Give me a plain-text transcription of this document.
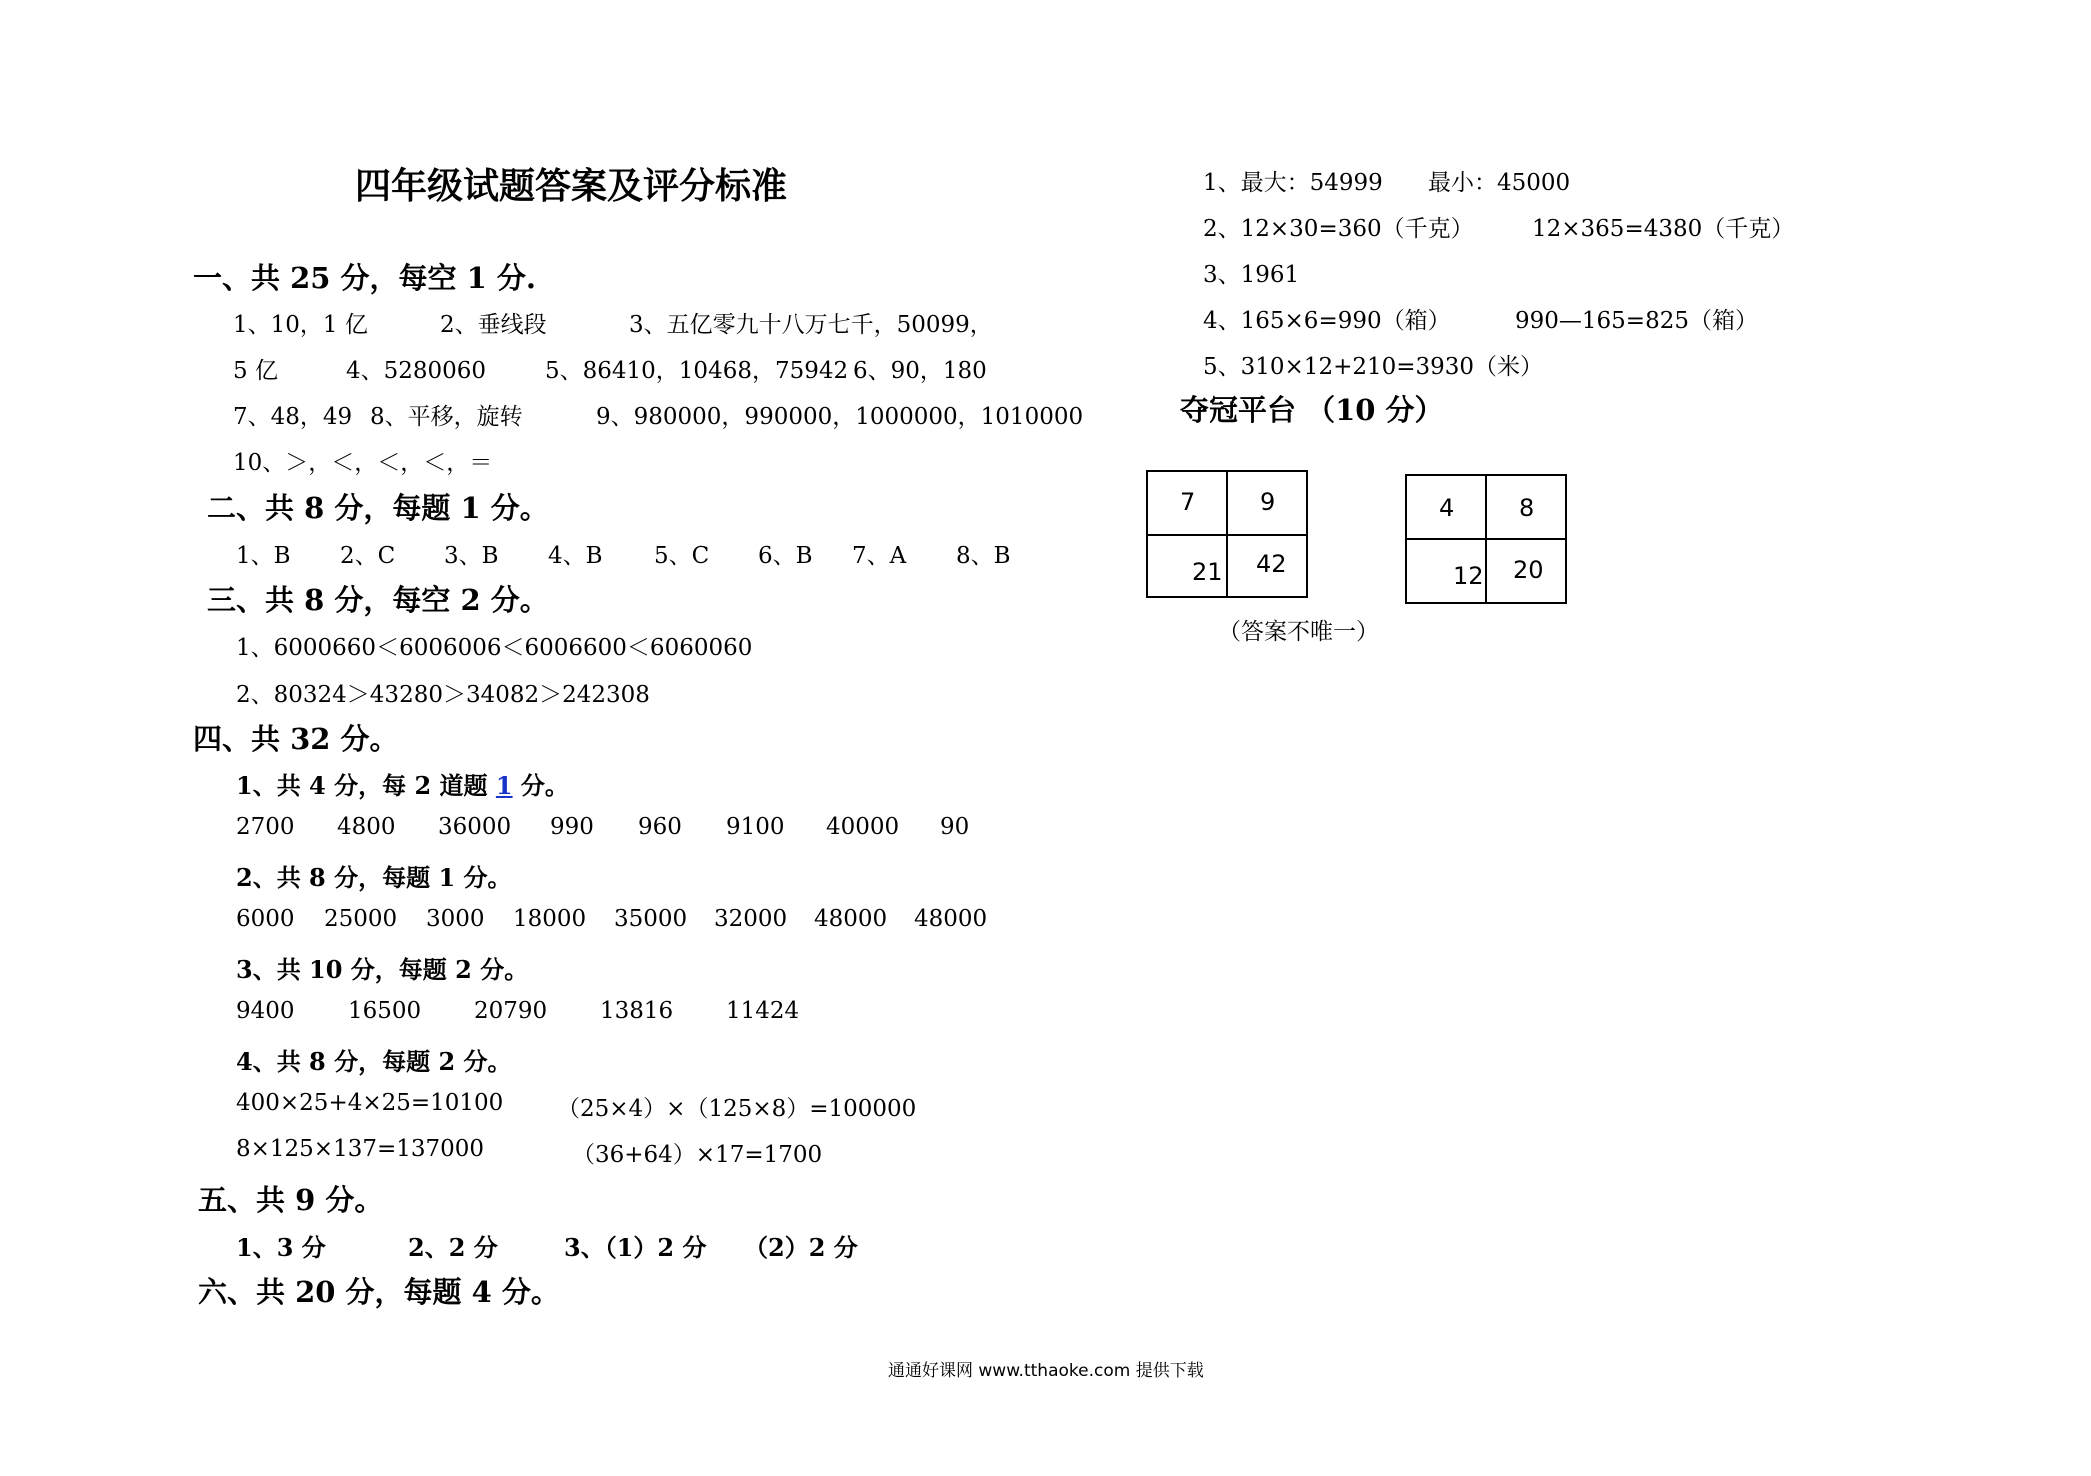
四年级试题答案及评分标准
一、共 25 分，每空 1 分.
1、10，1 亿	2、垂线段	3、五亿零九十八万七千，50099，
5 亿	4、5280060	5、86410，10468，75942 6、90，180
7、48，49 8、平移，旋转	9、980000，990000，1000000，1010000
10、＞，＜，＜，＜，＝
二、共 8 分，每题 1 分。
1、B 2、C 3、B 4、B 5、C 6、B 7、A 8、B
三、共 8 分，每空 2 分。
1、6000660＜6006006＜6006600＜6060060
2、80324＞43280＞34082＞242308
四、共 32 分。
1、共 4 分，每 2 道题 1 分。
2700 4800 36000 990 960 9100 40000 90
2、共 8 分，每题 1 分。
6000 25000 3000 18000 35000 32000 48000 48000
3、共 10 分，每题 2 分。
9400 16500 20790 13816 11424
4、共 8 分，每题 2 分。
400×25+4×25=10100 （25×4）×（125×8）=100000
8×125×137=137000	（36+64）×17=1700
五、共 9 分。
1、3 分	2、2 分	3、（1）2 分 （2）2 分
六、共 20 分，每题 4 分。
1、最大：54999 最小：45000
2、12×30=360（千克）	12×365=4380（千克）
3、1961
4、165×6=990（箱）	990—165=825（箱）
5、310×12+210=3930（米）
夺冠平台 （10 分）
7	9
21 42
4	8
12 20
（答案不唯一）
通通好课网 www.tthaoke.com 提供下载
